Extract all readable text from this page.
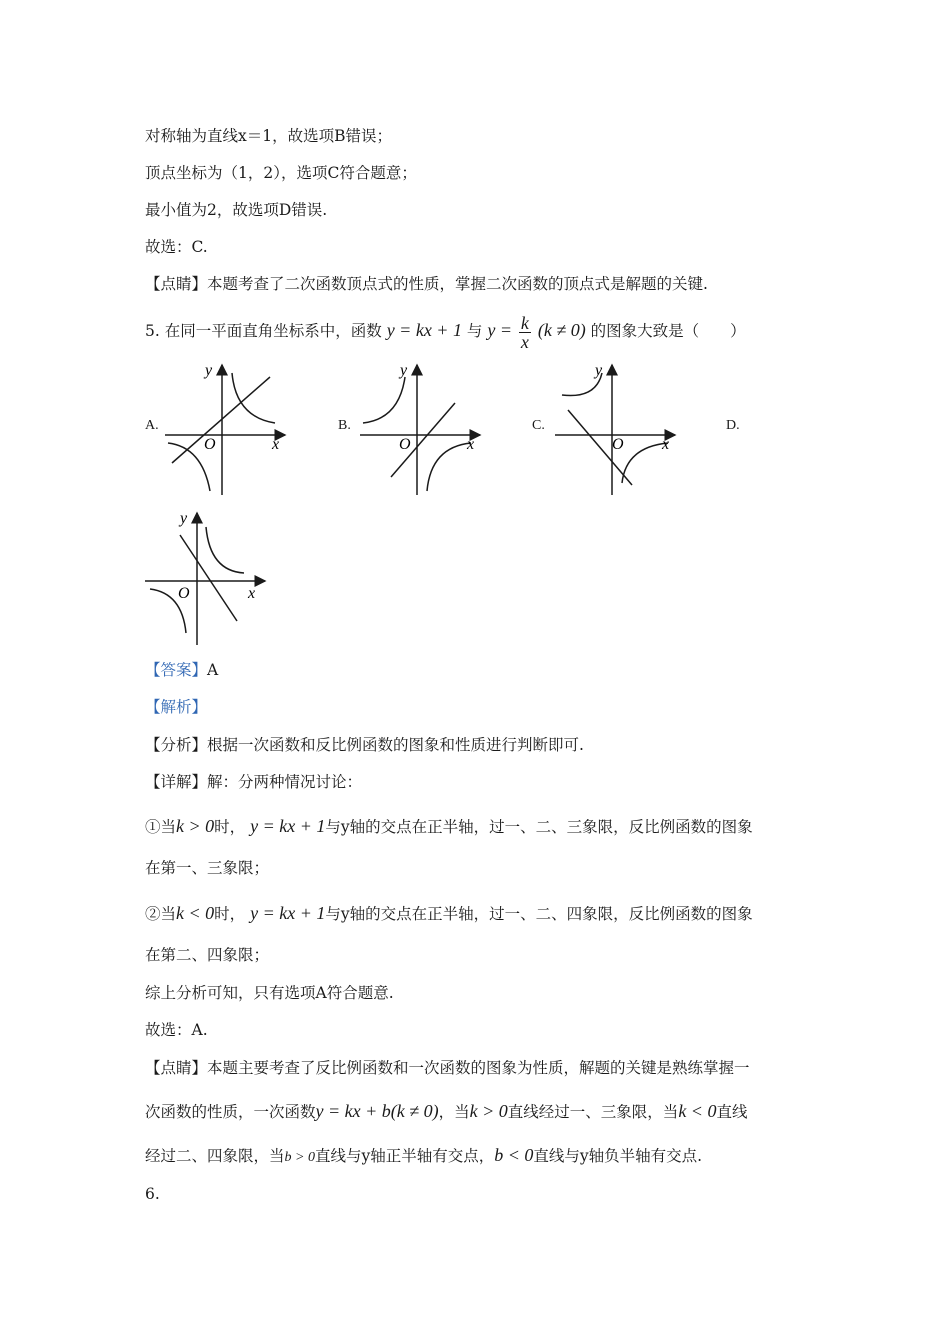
对称轴为直线x＝1，故选项B错误；
顶点坐标为（1，2），选项C符合题意；
最小值为2，故选项D错误.
故选：C.
【点睛】本题考查了二次函数顶点式的性质，掌握二次函数的顶点式是解题的关键.
5. 在同一平面直角坐标系中，函数 y = kx + 1 与 $y = \frac{k}{x} (k \ne 0)$ 的图象大致是（　　）
A.	B.	C.	D.
y
x
O
y
x
O
y
x
O
y
x
O
【答案】A
【解析】
【分析】根据一次函数和反比例函数的图象和性质进行判断即可.
【详解】解：分两种情况讨论：
①当k > 0时， y = kx + 1与y轴的交点在正半轴，过一、二、三象限，反比例函数的图象
在第一、三象限；
②当k < 0时， y = kx + 1与y轴的交点在正半轴，过一、二、四象限，反比例函数的图象
在第二、四象限；
综上分析可知，只有选项A符合题意.
故选：A.
【点睛】本题主要考查了反比例函数和一次函数的图象为性质，解题的关键是熟练掌握一
次函数的性质，一次函数y = kx + b(k ≠ 0)，当k > 0直线经过一、三象限，当k < 0直线
经过二、四象限，当b > 0直线与y轴正半轴有交点，b < 0直线与y轴负半轴有交点.
6.
